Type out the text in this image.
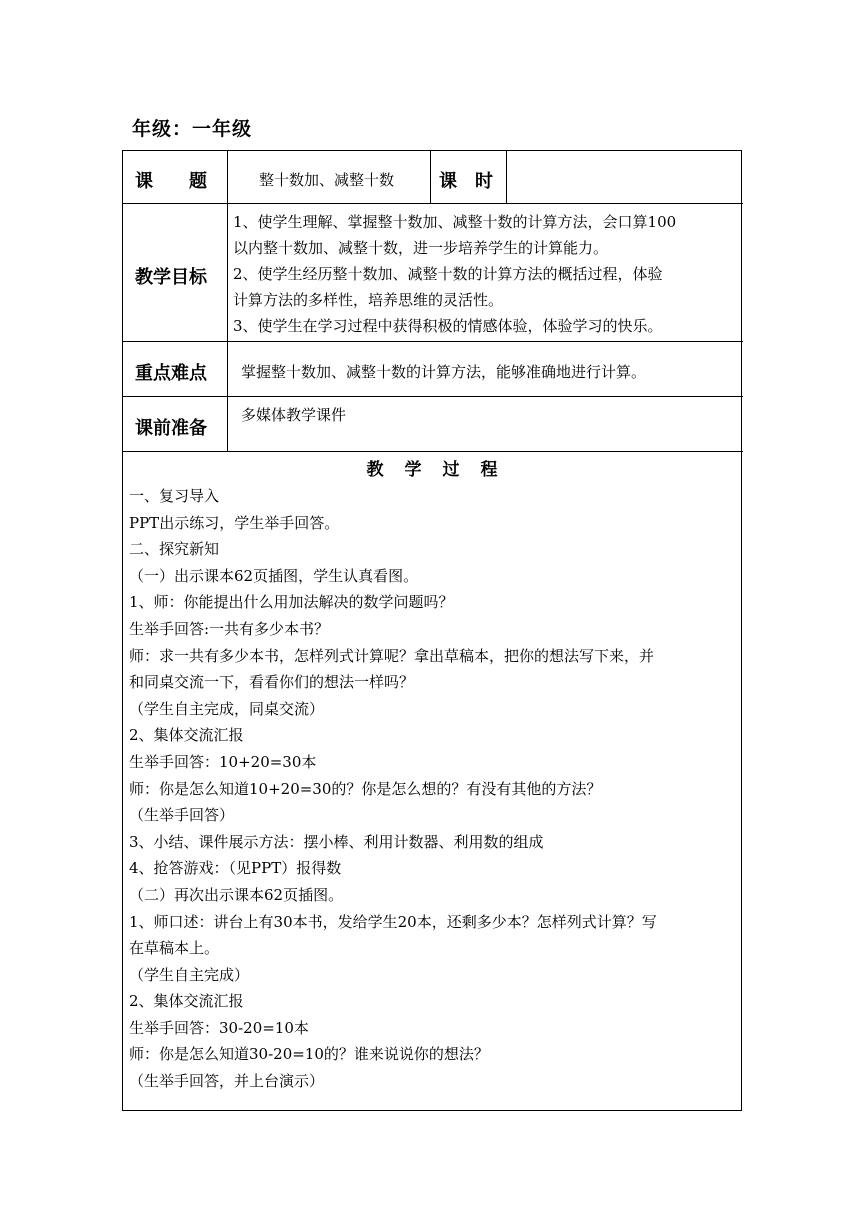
年级：一年级
课　　题	整十数加、减整十数 课　时
教学目标
1、使学生理解、掌握整十数加、减整十数的计算方法，会口算100
以内整十数加、减整十数，进一步培养学生的计算能力。
2、使学生经历整十数加、减整十数的计算方法的概括过程，体验
计算方法的多样性，培养思维的灵活性。
3、使学生在学习过程中获得积极的情感体验，体验学习的快乐。
重点难点 掌握整十数加、减整十数的计算方法，能够准确地进行计算。
课前准备
多媒体教学课件
教　学　过　程
一、复习导入
PPT出示练习，学生举手回答。
二、探究新知
（一）出示课本62页插图，学生认真看图。
1、师：你能提出什么用加法解决的数学问题吗？
生举手回答:一共有多少本书？
师：求一共有多少本书，怎样列式计算呢？拿出草稿本，把你的想法写下来，并
和同桌交流一下，看看你们的想法一样吗？
（学生自主完成，同桌交流）
2、集体交流汇报
生举手回答：10+20=30本
师：你是怎么知道10+20=30的？你是怎么想的？有没有其他的方法？
（生举手回答）
3、小结、课件展示方法：摆小棒、利用计数器、利用数的组成
4、抢答游戏：（见PPT）报得数
（二）再次出示课本62页插图。
1、师口述：讲台上有30本书，发给学生20本，还剩多少本？怎样列式计算？写
在草稿本上。
（学生自主完成）
2、集体交流汇报
生举手回答：30-20=10本
师：你是怎么知道30-20=10的？谁来说说你的想法？
（生举手回答，并上台演示）
